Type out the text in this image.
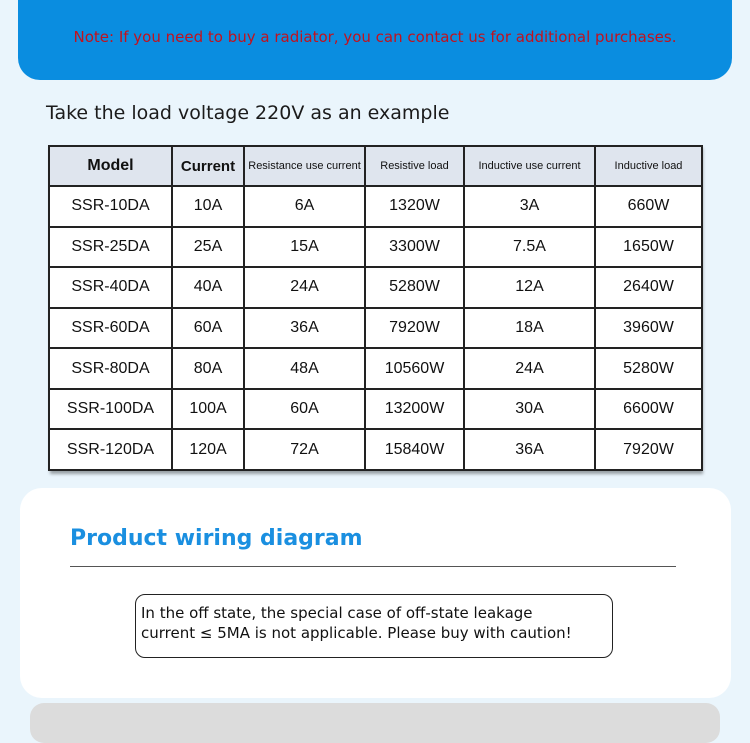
Note: If you need to buy a radiator, you can contact us for additional purchases.
Take the load voltage 220V as an example
Model	Current	Resistance use current	Resistive load	Inductive use current	Inductive load
SSR-10DA	10A	6A	1320W	3A	660W
SSR-25DA	25A	15A	3300W	7.5A	1650W
SSR-40DA	40A	24A	5280W	12A	2640W
SSR-60DA	60A	36A	7920W	18A	3960W
SSR-80DA	80A	48A	10560W	24A	5280W
SSR-100DA	100A	60A	13200W	30A	6600W
SSR-120DA	120A	72A	15840W	36A	7920W
Product wiring diagram
In the off state, the special case of off-state leakage
current ≤ 5MA is not applicable. Please buy with caution!
